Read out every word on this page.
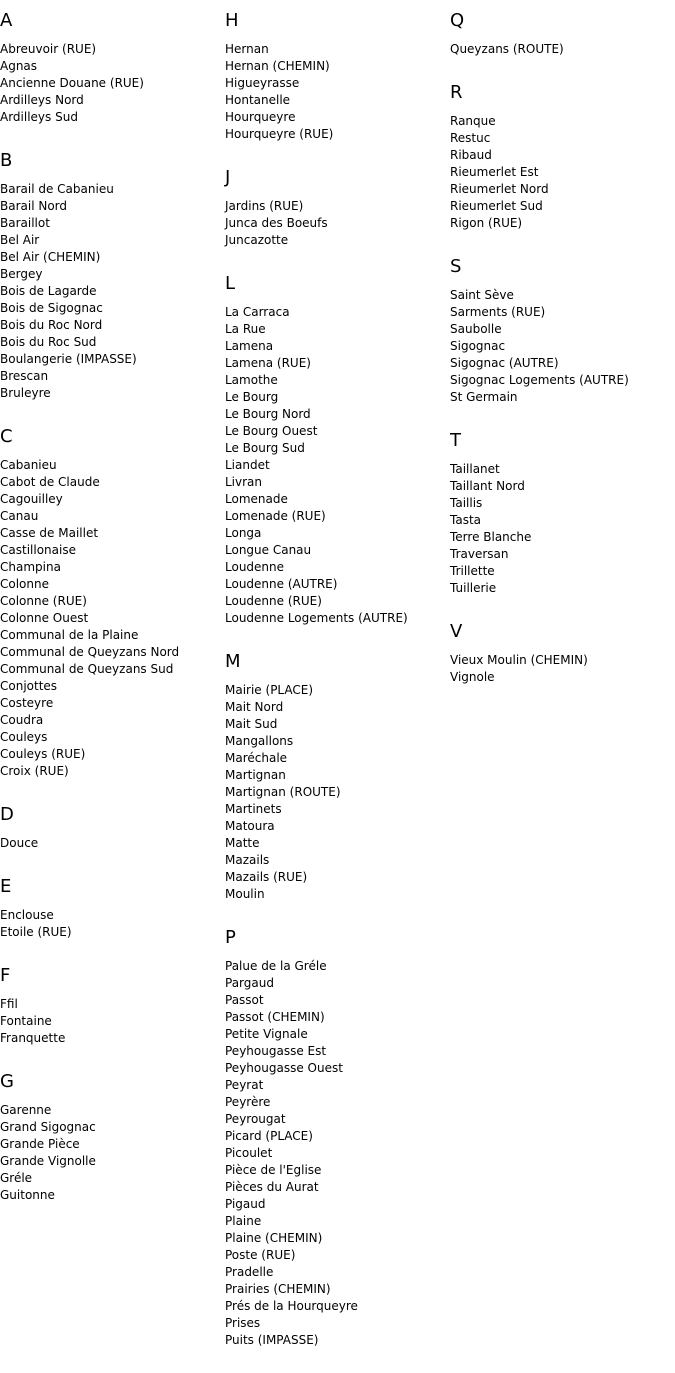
A
Abreuvoir (RUE)
Agnas
Ancienne Douane (RUE)
Ardilleys Nord
Ardilleys Sud
B
Barail de Cabanieu
Barail Nord
Baraillot
Bel Air
Bel Air (CHEMIN)
Bergey
Bois de Lagarde
Bois de Sigognac
Bois du Roc Nord
Bois du Roc Sud
Boulangerie (IMPASSE)
Brescan
Bruleyre
C
Cabanieu
Cabot de Claude
Cagouilley
Canau
Casse de Maillet
Castillonaise
Champina
Colonne
Colonne (RUE)
Colonne Ouest
Communal de la Plaine
Communal de Queyzans Nord
Communal de Queyzans Sud
Conjottes
Costeyre
Coudra
Couleys
Couleys (RUE)
Croix (RUE)
D
Douce
E
Enclouse
Etoile (RUE)
F
Ffil
Fontaine
Franquette
G
Garenne
Grand Sigognac
Grande Pièce
Grande Vignolle
Gréle
Guitonne
H
Hernan
Hernan (CHEMIN)
Higueyrasse
Hontanelle
Hourqueyre
Hourqueyre (RUE)
J
Jardins (RUE)
Junca des Boeufs
Juncazotte
L
La Carraca
La Rue
Lamena
Lamena (RUE)
Lamothe
Le Bourg
Le Bourg Nord
Le Bourg Ouest
Le Bourg Sud
Liandet
Livran
Lomenade
Lomenade (RUE)
Longa
Longue Canau
Loudenne
Loudenne (AUTRE)
Loudenne (RUE)
Loudenne Logements (AUTRE)
M
Mairie (PLACE)
Mait Nord
Mait Sud
Mangallons
Maréchale
Martignan
Martignan (ROUTE)
Martinets
Matoura
Matte
Mazails
Mazails (RUE)
Moulin
P
Palue de la Gréle
Pargaud
Passot
Passot (CHEMIN)
Petite Vignale
Peyhougasse Est
Peyhougasse Ouest
Peyrat
Peyrère
Peyrougat
Picard (PLACE)
Picoulet
Pièce de l'Eglise
Pièces du Aurat
Pigaud
Plaine
Plaine (CHEMIN)
Poste (RUE)
Pradelle
Prairies (CHEMIN)
Prés de la Hourqueyre
Prises
Puits (IMPASSE)
Q
Queyzans (ROUTE)
R
Ranque
Restuc
Ribaud
Rieumerlet Est
Rieumerlet Nord
Rieumerlet Sud
Rigon (RUE)
S
Saint Sève
Sarments (RUE)
Saubolle
Sigognac
Sigognac (AUTRE)
Sigognac Logements (AUTRE)
St Germain
T
Taillanet
Taillant Nord
Taillis
Tasta
Terre Blanche
Traversan
Trillette
Tuillerie
V
Vieux Moulin (CHEMIN)
Vignole
